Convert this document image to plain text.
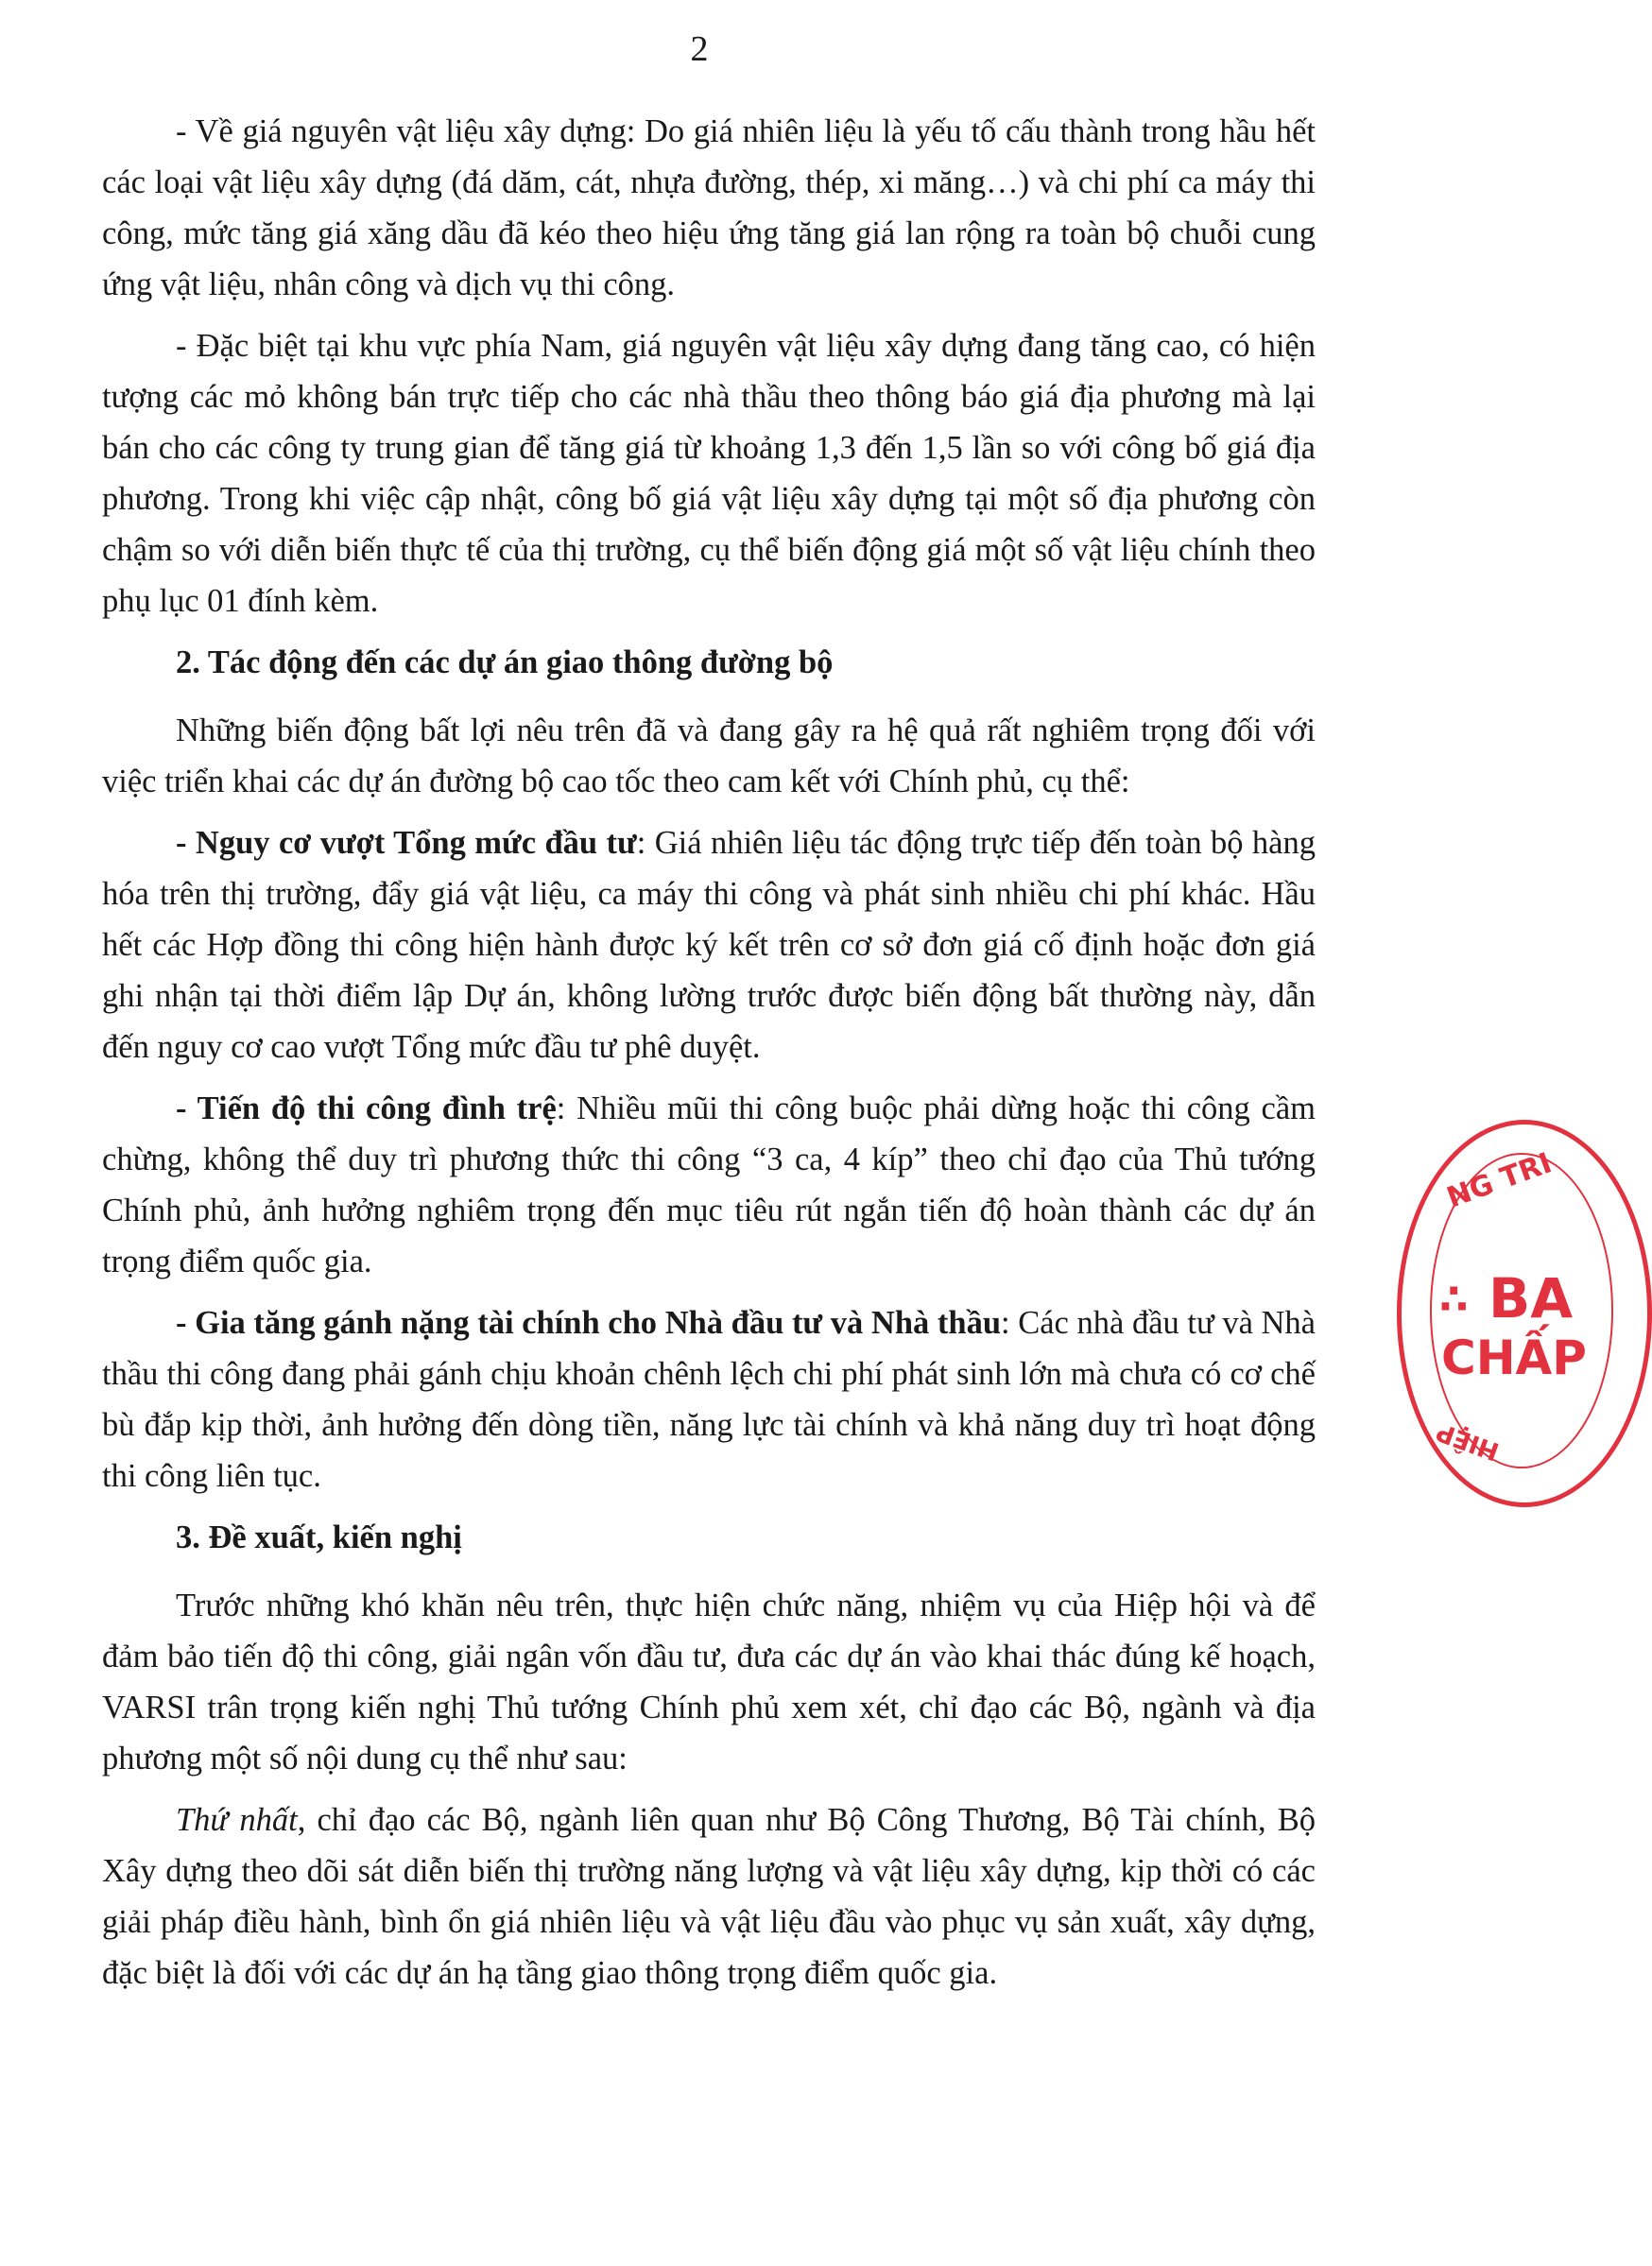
2

- Về giá nguyên vật liệu xây dựng: Do giá nhiên liệu là yếu tố cấu thành trong hầu hết các loại vật liệu xây dựng (đá dăm, cát, nhựa đường, thép, xi măng…) và chi phí ca máy thi công, mức tăng giá xăng dầu đã kéo theo hiệu ứng tăng giá lan rộng ra toàn bộ chuỗi cung ứng vật liệu, nhân công và dịch vụ thi công.

- Đặc biệt tại khu vực phía Nam, giá nguyên vật liệu xây dựng đang tăng cao, có hiện tượng các mỏ không bán trực tiếp cho các nhà thầu theo thông báo giá địa phương mà lại bán cho các công ty trung gian để tăng giá từ khoảng 1,3 đến 1,5 lần so với công bố giá địa phương. Trong khi việc cập nhật, công bố giá vật liệu xây dựng tại một số địa phương còn chậm so với diễn biến thực tế của thị trường, cụ thể biến động giá một số vật liệu chính theo phụ lục 01 đính kèm.

2. Tác động đến các dự án giao thông đường bộ

Những biến động bất lợi nêu trên đã và đang gây ra hệ quả rất nghiêm trọng đối với việc triển khai các dự án đường bộ cao tốc theo cam kết với Chính phủ, cụ thể:

- Nguy cơ vượt Tổng mức đầu tư: Giá nhiên liệu tác động trực tiếp đến toàn bộ hàng hóa trên thị trường, đẩy giá vật liệu, ca máy thi công và phát sinh nhiều chi phí khác. Hầu hết các Hợp đồng thi công hiện hành được ký kết trên cơ sở đơn giá cố định hoặc đơn giá ghi nhận tại thời điểm lập Dự án, không lường trước được biến động bất thường này, dẫn đến nguy cơ cao vượt Tổng mức đầu tư phê duyệt.

- Tiến độ thi công đình trệ: Nhiều mũi thi công buộc phải dừng hoặc thi công cầm chừng, không thể duy trì phương thức thi công “3 ca, 4 kíp” theo chỉ đạo của Thủ tướng Chính phủ, ảnh hưởng nghiêm trọng đến mục tiêu rút ngắn tiến độ hoàn thành các dự án trọng điểm quốc gia.

- Gia tăng gánh nặng tài chính cho Nhà đầu tư và Nhà thầu: Các nhà đầu tư và Nhà thầu thi công đang phải gánh chịu khoản chênh lệch chi phí phát sinh lớn mà chưa có cơ chế bù đắp kịp thời, ảnh hưởng đến dòng tiền, năng lực tài chính và khả năng duy trì hoạt động thi công liên tục.

3. Đề xuất, kiến nghị

Trước những khó khăn nêu trên, thực hiện chức năng, nhiệm vụ của Hiệp hội và để đảm bảo tiến độ thi công, giải ngân vốn đầu tư, đưa các dự án vào khai thác đúng kế hoạch, VARSI trân trọng kiến nghị Thủ tướng Chính phủ xem xét, chỉ đạo các Bộ, ngành và địa phương một số nội dung cụ thể như sau:

Thứ nhất, chỉ đạo các Bộ, ngành liên quan như Bộ Công Thương, Bộ Tài chính, Bộ Xây dựng theo dõi sát diễn biến thị trường năng lượng và vật liệu xây dựng, kịp thời có các giải pháp điều hành, bình ổn giá nhiên liệu và vật liệu đầu vào phục vụ sản xuất, xây dựng, đặc biệt là đối với các dự án hạ tầng giao thông trọng điểm quốc gia.

NG TRI
∴ BA
CHẤP
HIỆP
